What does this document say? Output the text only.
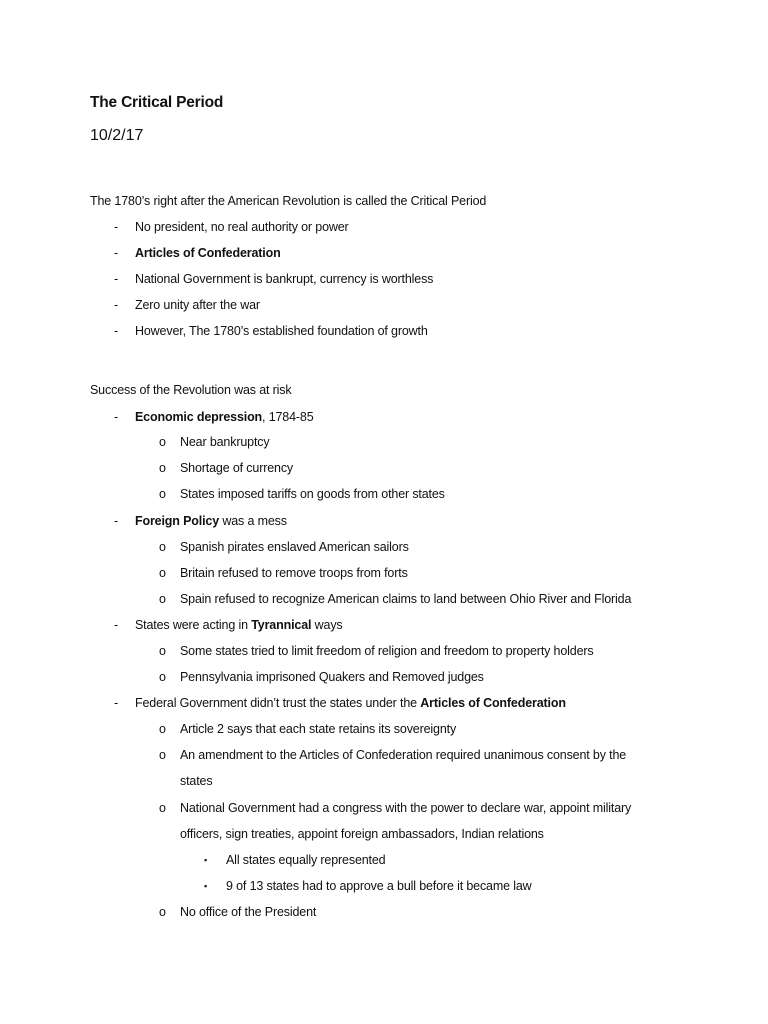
The Critical Period
10/2/17
The 1780’s right after the American Revolution is called the Critical Period
- No president, no real authority or power
- Articles of Confederation
- National Government is bankrupt, currency is worthless
- Zero unity after the war
- However, The 1780’s established foundation of growth
Success of the Revolution was at risk
- Economic depression, 1784-85
o Near bankruptcy
o Shortage of currency
o States imposed tariffs on goods from other states
- Foreign Policy was a mess
o Spanish pirates enslaved American sailors
o Britain refused to remove troops from forts
o Spain refused to recognize American claims to land between Ohio River and Florida
- States were acting in Tyrannical ways
o Some states tried to limit freedom of religion and freedom to property holders
o Pennsylvania imprisoned Quakers and Removed judges
- Federal Government didn’t trust the states under the Articles of Confederation
o Article 2 says that each state retains its sovereignty
o An amendment to the Articles of Confederation required unanimous consent by the
states
o National Government had a congress with the power to declare war, appoint military
officers, sign treaties, appoint foreign ambassadors, Indian relations
▪ All states equally represented
▪ 9 of 13 states had to approve a bull before it became law
o No office of the President
